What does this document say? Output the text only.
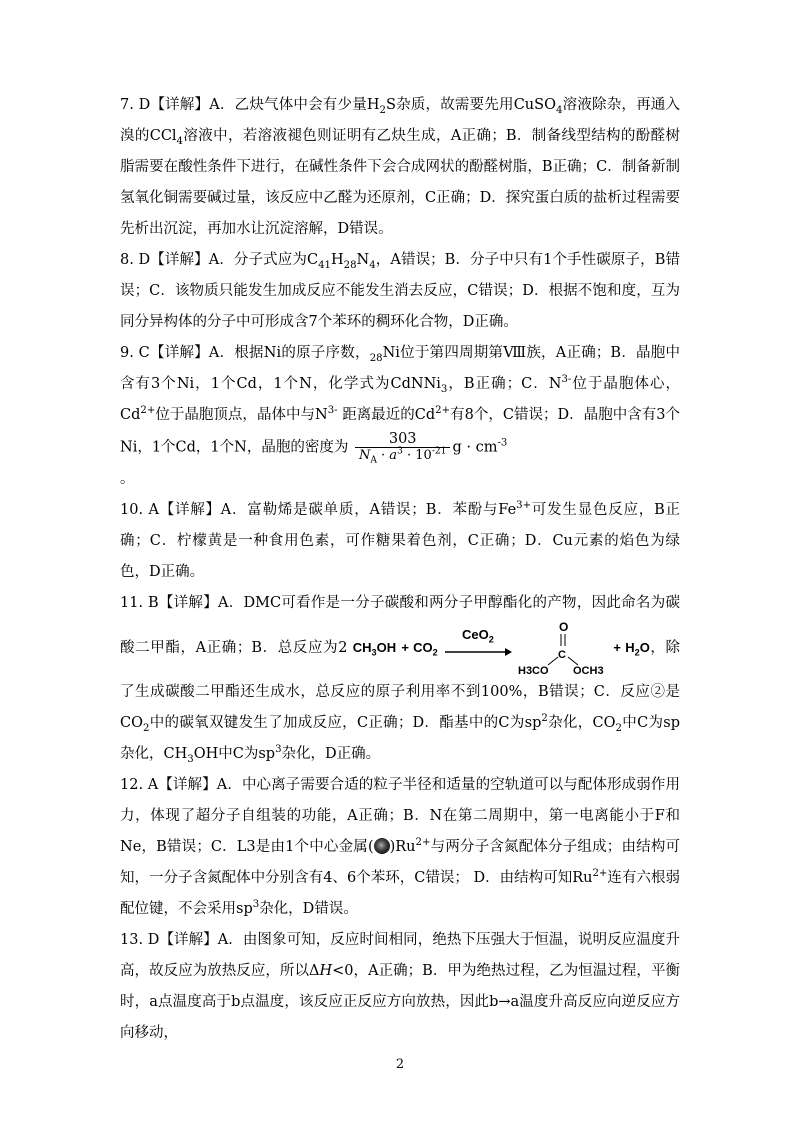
7. D【详解】A．乙炔气体中会有少量$H_2S$杂质，故需要先用CuSO$_4$溶液除杂，再通入溴的CCl$_4$溶液中，若溶液褪色则证明有乙炔生成，A正确；B．制备线型结构的酚醛树脂需要在酸性条件下进行，在碱性条件下会合成网状的酚醛树脂，B正确；C．制备新制氢氧化铜需要碱过量，该反应中乙醛为还原剂，C正确；D．探究蛋白质的盐析过程需要先析出沉淀，再加水让沉淀溶解，D错误。

8. D【详解】A．分子式应为$C_{41}H_{28}N_4$，A错误；B．分子中只有1个手性碳原子，B错误；C．该物质只能发生加成反应不能发生消去反应，C错误；D．根据不饱和度，互为同分异构体的分子中可形成含7个苯环的稠环化合物，D正确。

9. C【详解】A．根据Ni的原子序数，$_{28}$Ni位于第四周期第Ⅷ族，A正确；B．晶胞中含有3个Ni，1个Cd，1个N，化学式为CdNNi$_3$，B正确；C．$N^{3-}$位于晶胞体心，$Cd^{2+}$位于晶胞顶点，晶体中与$N^{3-}$ 距离最近的$Cd^{2+}$有8个，C错误；D．晶胞中含有3个Ni，1个Cd，1个N，晶胞的密度为 $\frac{303}{N_A \cdot a^3 \cdot 10^{-21}}$ $g \cdot cm^{-3}$
。

10. A【详解】A．富勒烯是碳单质，A错误；B．苯酚与$Fe^{3+}$可发生显色反应，B正确；C．柠檬黄是一种食用色素，可作糖果着色剂，C正确；D．Cu元素的焰色为绿色，D正确。

11. B【详解】A．DMC可看作是一分子碳酸和两分子甲醇酯化的产物，因此命名为碳酸二甲酯，A正确；B．总反应为2 $CH_3OH + CO_2$
CeO$_2$

O
C
H3CO OCH3
+ $H_2O$，除了生成碳酸二甲酯还生成水，总反应的原子利用率不到100%，B错误；C．反应②是$CO_2$中的碳氧双键发生了加成反应，C正确；D．酯基中的C为$sp^2$杂化，$CO_2$中C为sp杂化，$CH_3OH$中C为$sp^3$杂化，D正确。

12. A【详解】A．中心离子需要合适的粒子半径和适量的空轨道可以与配体形成弱作用力，体现了超分子自组装的功能，A正确；B．N在第二周期中，第一电离能小于F和Ne，B错误；C．L3是由1个中心金属( )$Ru^{2+}$与两分子含氮配体分子组成；由结构可知，一分子含氮配体中分别含有4、6个苯环，C错误； D．由结构可知$Ru^{2+}$连有六根弱配位键，不会采用$sp^3$杂化，D错误。

13. D【详解】A．由图象可知，反应时间相同，绝热下压强大于恒温，说明反应温度升高，故反应为放热反应，所以ΔH<0，A正确；B．甲为绝热过程，乙为恒温过程，平衡时，a点温度高于b点温度，该反应正反应方向放热，因此b→a温度升高反应向逆反应方向移动，

2
